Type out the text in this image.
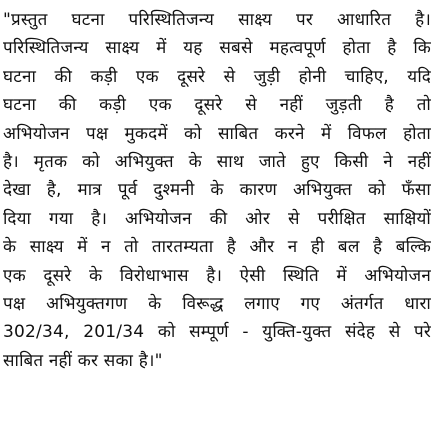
"प्रस्तुत घटना परिस्थितिजन्य साक्ष्य पर आधारित है।
परिस्थितिजन्य साक्ष्य में यह सबसे महत्वपूर्ण होता है कि
घटना की कड़ी एक दूसरे से जुड़ी होनी चाहिए, यदि
घटना की कड़ी एक दूसरे से नहीं जुड़ती है तो
अभियोजन पक्ष मुकदमें को साबित करने में विफल होता
है। मृतक को अभियुक्त के साथ जाते हुए किसी ने नहीं
देखा है, मात्र पूर्व दुश्मनी के कारण अभियुक्त को फँसा
दिया गया है। अभियोजन की ओर से परीक्षित साक्षियों
के साक्ष्य में न तो तारतम्यता है और न ही बल है बल्कि
एक दूसरे के विरोधाभास है। ऐसी स्थिति में अभियोजन
पक्ष अभियुक्तगण के विरूद्ध लगाए गए अंतर्गत धारा
302/34, 201/34 को सम्पूर्ण - युक्ति-युक्त संदेह से परे
साबित नहीं कर सका है।"
